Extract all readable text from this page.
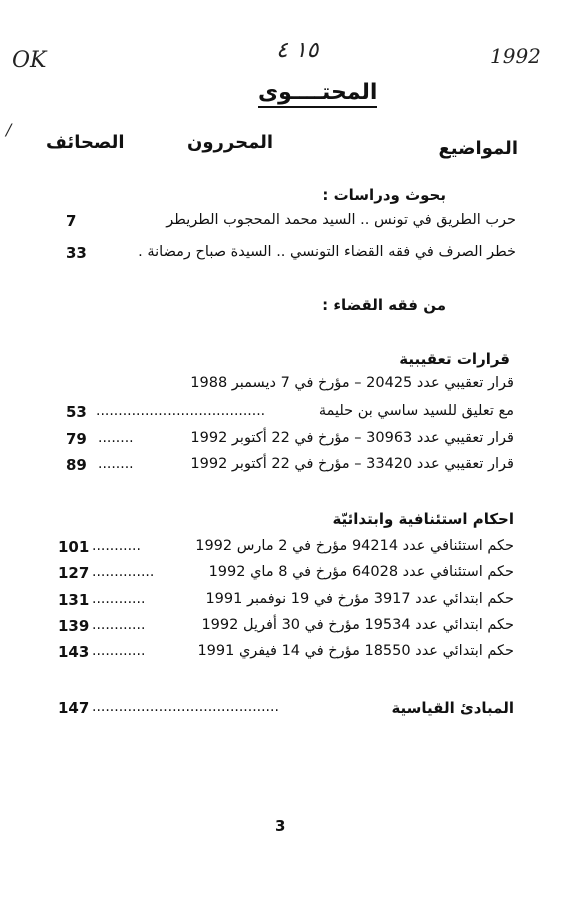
OK	١٥ ٤	1992
/
المحتــــوى
المواضيع
المحررون
الصحائف
بحوث ودراسات :
حرب الطريق في تونس .. السيد محمد المحجوب الطريطر
7
خطر الصرف في فقه القضاء التونسي .. السيدة صباح رمضانة .
33
من فقه القضاء :
قرارات تعقيبية
قرار تعقيبي عدد 20425 – مؤرخ في 7 ديسمبر 1988
مع تعليق للسيد ساسي بن حليمة
......................................
53
قرار تعقيبي عدد 30963 – مؤرخ في 22 أكتوبر 1992
........
79
قرار تعقيبي عدد 33420 – مؤرخ في 22 أكتوبر 1992
........
89
احكام استئنافية وابتدائيّة
حكم استئنافي عدد 94214 مؤرخ في 2 مارس 1992
...........
101
حكم استئنافي عدد 64028 مؤرخ في 8 ماي 1992
..............
127
حكم ابتدائي عدد 3917 مؤرخ في 19 نوفمبر 1991
............
131
حكم ابتدائي عدد 19534 مؤرخ في 30 أفريل 1992
............
139
حكم ابتدائي عدد 18550 مؤرخ في 14 فيفري 1991
............
143
المبادئ القياسية
..........................................
147
3
